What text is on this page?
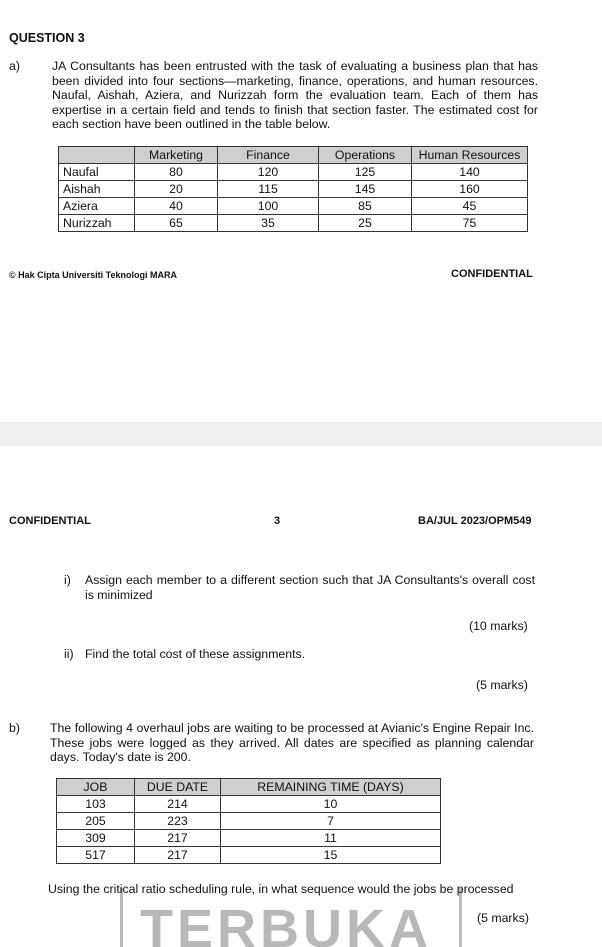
QUESTION 3
a)	JA Consultants has been entrusted with the task of evaluating a business plan that has been divided into four sections—marketing, finance, operations, and human resources. Naufal, Aishah, Aziera, and Nurizzah form the evaluation team. Each of them has expertise in a certain field and tends to finish that section faster. The estimated cost for each section have been outlined in the table below.
	Marketing	Finance	Operations	Human Resources
Naufal	80	120	125	140
Aishah	20	115	145	160
Aziera	40	100	85	45
Nurizzah	65	35	25	75
© Hak Cipta Universiti Teknologi MARA	CONFIDENTIAL
CONFIDENTIAL	3	BA/JUL 2023/OPM549
i) Assign each member to a different section such that JA Consultants's overall cost is minimized
(10 marks)
ii) Find the total cost of these assignments.
(5 marks)
b) The following 4 overhaul jobs are waiting to be processed at Avianic's Engine Repair Inc. These jobs were logged as they arrived. All dates are specified as planning calendar days. Today's date is 200.
JOB	DUE DATE	REMAINING TIME (DAYS)
103	214	10
205	223	7
309	217	11
517	217	15
TERBUKA
Using the critical ratio scheduling rule, in what sequence would the jobs be processed
(5 marks)
